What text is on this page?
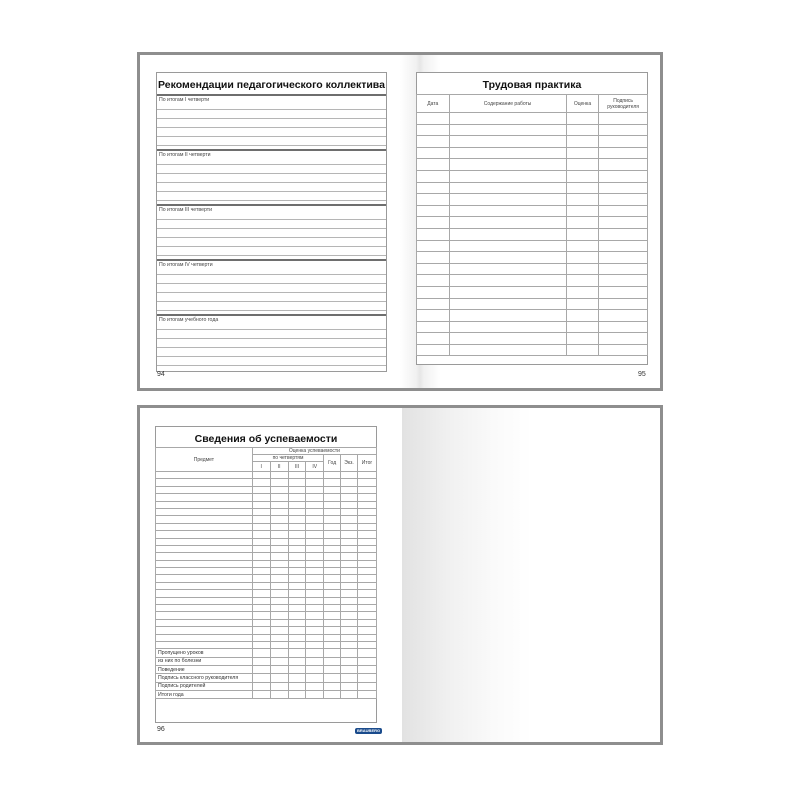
Рекомендации педагогического коллектива
По итогам I четверти
По итогам II четверти
По итогам III четверти
По итогам IV четверти
По итогам учебного года
94
Трудовая практика
Дата	Содержание работы	Оценка	Подпись руководителя

95
Сведения об успеваемости
Предмет	Оценка успеваемости						
	по четвертям				Год	Экз.	Итог
	I	II	III	IV			

Пропущено уроков							
из них по болезни							
Поведение							
Подпись классного руководителя							
Подпись родителей							
Итоги года							
96	BRAUBERG
